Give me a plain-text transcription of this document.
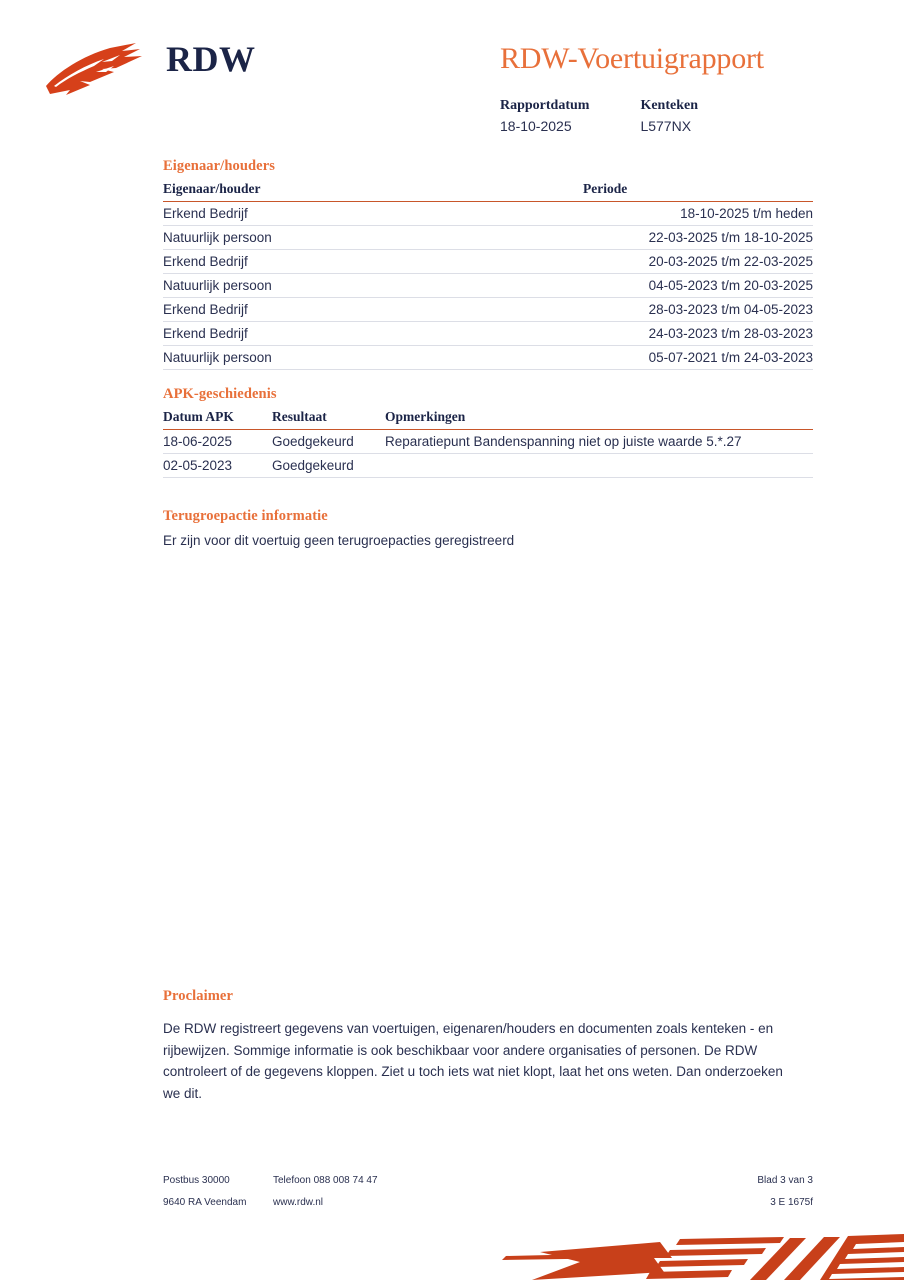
RDW	RDW-Voertuigrapport
Rapportdatum
18-10-2025

Kenteken
L577NX
Eigenaar/houders
Eigenaar/houder	Periode
Erkend Bedrijf	18-10-2025 t/m heden
Natuurlijk persoon	22-03-2025 t/m 18-10-2025
Erkend Bedrijf	20-03-2025 t/m 22-03-2025
Natuurlijk persoon	04-05-2023 t/m 20-03-2025
Erkend Bedrijf	28-03-2023 t/m 04-05-2023
Erkend Bedrijf	24-03-2023 t/m 28-03-2023
Natuurlijk persoon	05-07-2021 t/m 24-03-2023
APK-geschiedenis
Datum APK	Resultaat	Opmerkingen
18-06-2025	Goedgekeurd	Reparatiepunt Bandenspanning niet op juiste waarde 5.*.27
02-05-2023	Goedgekeurd	
Terugroepactie informatie
Er zijn voor dit voertuig geen terugroepacties geregistreerd
Proclaimer
De RDW registreert gegevens van voertuigen, eigenaren/houders en documenten zoals kenteken - en rijbewijzen. Sommige informatie is ook beschikbaar voor andere organisaties of personen. De RDW controleert of de gegevens kloppen. Ziet u toch iets wat niet klopt, laat het ons weten. Dan onderzoeken we dit.
Postbus 30000	Telefoon 088 008 74 47	Blad 3 van 3
9640 RA Veendam	www.rdw.nl	3 E 1675f
